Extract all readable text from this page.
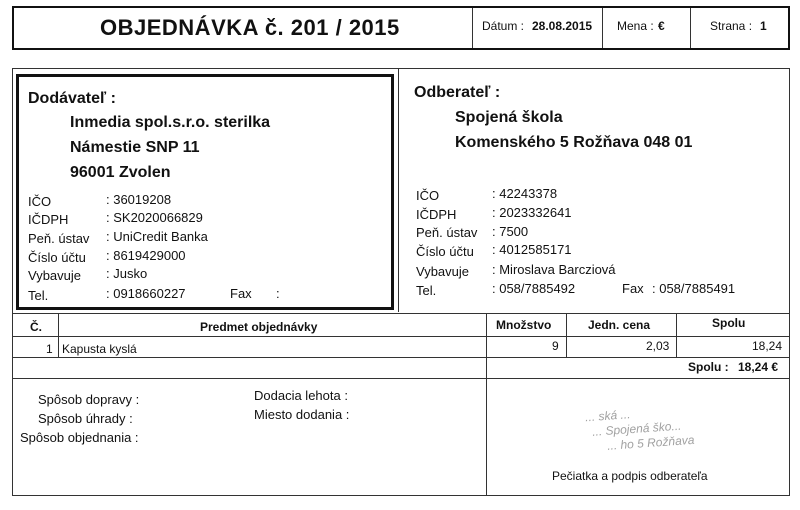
OBJEDNÁVKA č. 201 / 2015	Dátum : 28.08.2015 Mena : €	Strana : 1
Dodávateľ :
Inmedia spol.s.r.o. sterilka
Námestie SNP 11
96001 Zvolen
IČO	: 36019208
IČDPH	: SK2020066829
Peň. ústav : UniCredit Banka
Číslo účtu : 8619429000
Vybavuje : Jusko
Tel.	: 0918660227	Fax :
Odberateľ :
Spojená škola
Komenského 5 Rožňava 048 01
IČO	: 42243378
IČDPH	: 2023332641
Peň. ústav : 7500
Číslo účtu : 4012585171
Vybavuje : Miroslava Barcziová
Tel.	: 058/7885492	Fax : 058/7885491
Č.	Predmet objednávky	Množstvo	Jedn. cena	Spolu
1 Kapusta kyslá	9	2,03	18,24
Spolu : 18,24 €
Spôsob dopravy :
Spôsob úhrady :
Spôsob objednania :
Dodacia lehota :
Miesto dodania :	... ská ...
... Spojená ško...
... ho 5 Rožňava
Pečiatka a podpis odberateľa
